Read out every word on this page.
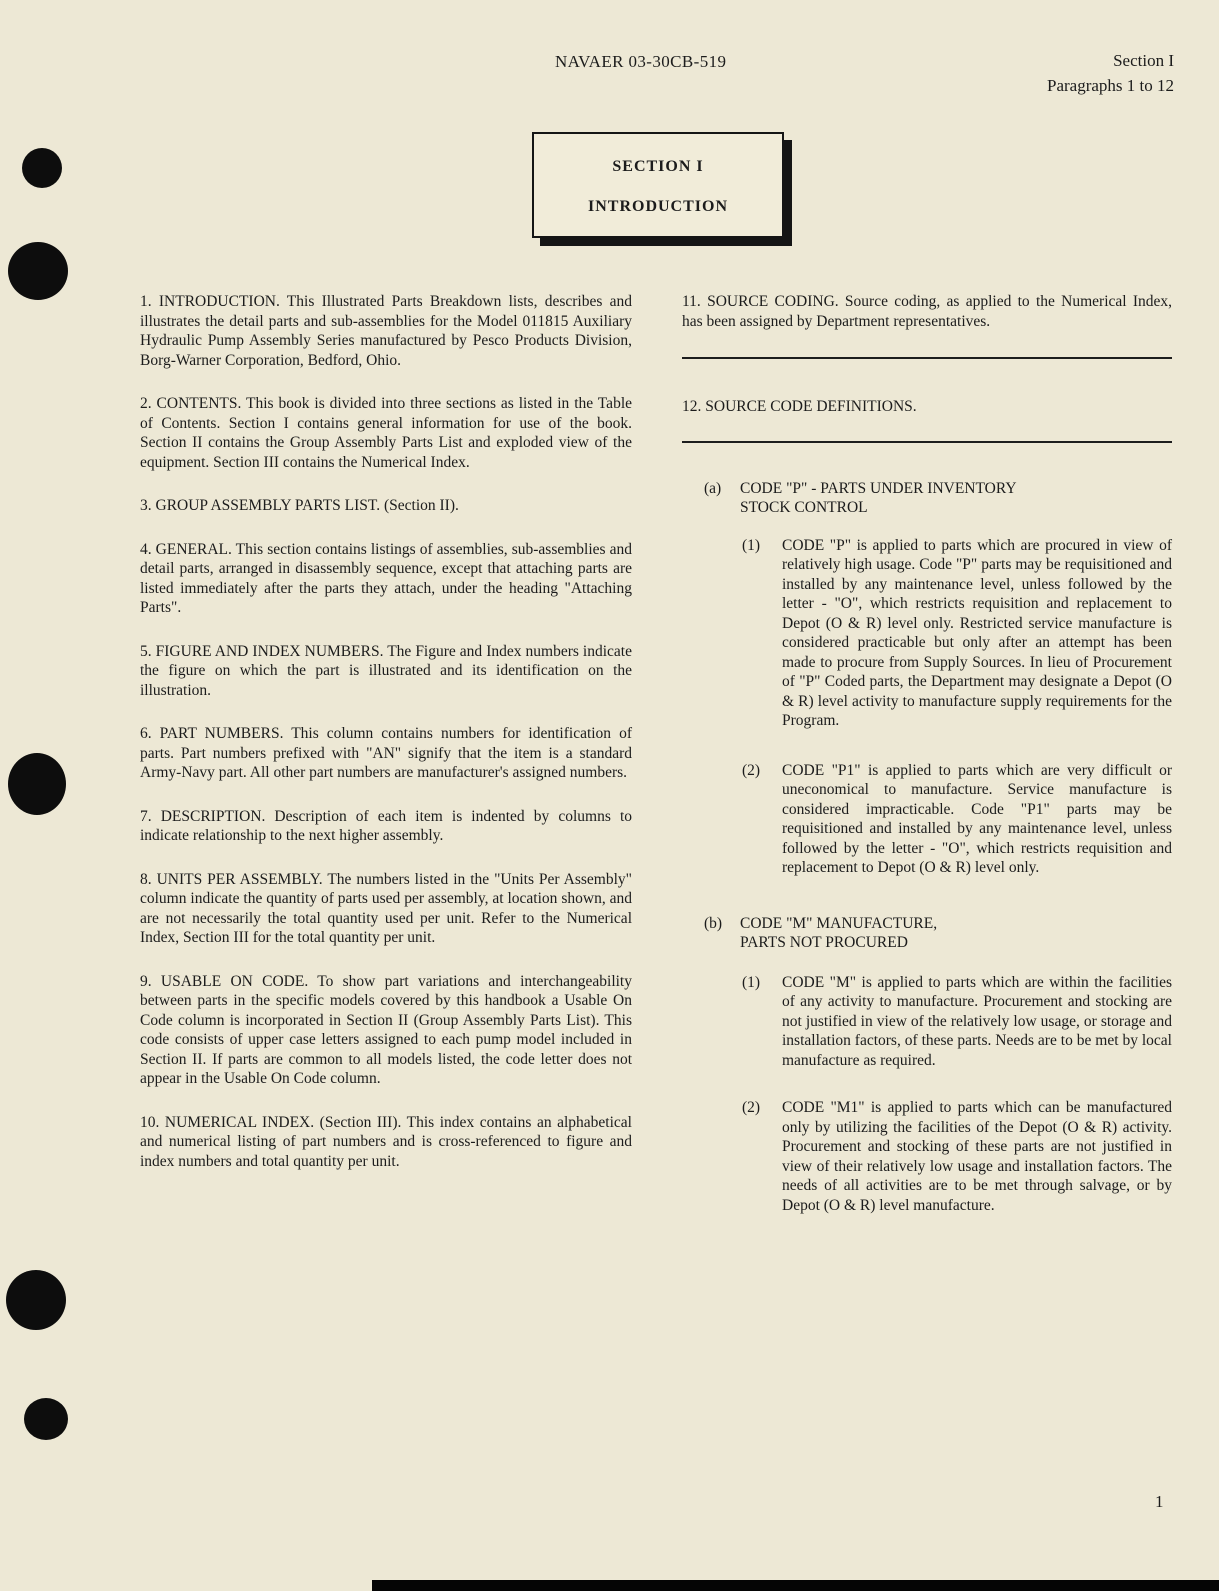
NAVAER 03-30CB-519	Section I
Paragraphs 1 to 12
SECTION I
INTRODUCTION

1. INTRODUCTION. This Illustrated Parts Breakdown lists, describes and illustrates the detail parts and sub-assemblies for the Model 011815 Auxiliary Hydraulic Pump Assembly Series manufactured by Pesco Products Division, Borg-Warner Corporation, Bedford, Ohio.

2. CONTENTS. This book is divided into three sections as listed in the Table of Contents. Section I contains general information for use of the book. Section II contains the Group Assembly Parts List and exploded view of the equipment. Section III contains the Numerical Index.

3. GROUP ASSEMBLY PARTS LIST. (Section II).

4. GENERAL. This section contains listings of assemblies, sub-assemblies and detail parts, arranged in disassembly sequence, except that attaching parts are listed immediately after the parts they attach, under the heading "Attaching Parts".

5. FIGURE AND INDEX NUMBERS. The Figure and Index numbers indicate the figure on which the part is illustrated and its identification on the illustration.

6. PART NUMBERS. This column contains numbers for identification of parts. Part numbers prefixed with "AN" signify that the item is a standard Army-Navy part. All other part numbers are manufacturer's assigned numbers.

7. DESCRIPTION. Description of each item is indented by columns to indicate relationship to the next higher assembly.

8. UNITS PER ASSEMBLY. The numbers listed in the "Units Per Assembly" column indicate the quantity of parts used per assembly, at location shown, and are not necessarily the total quantity used per unit. Refer to the Numerical Index, Section III for the total quantity per unit.

9. USABLE ON CODE. To show part variations and interchangeability between parts in the specific models covered by this handbook a Usable On Code column is incorporated in Section II (Group Assembly Parts List). This code consists of upper case letters assigned to each pump model included in Section II. If parts are common to all models listed, the code letter does not appear in the Usable On Code column.

10. NUMERICAL INDEX. (Section III). This index contains an alphabetical and numerical listing of part numbers and is cross-referenced to figure and index numbers and total quantity per unit.

11. SOURCE CODING. Source coding, as applied to the Numerical Index, has been assigned by Department representatives.

12. SOURCE CODE DEFINITIONS.

(a) CODE "P" - PARTS UNDER INVENTORY
STOCK CONTROL
(1) CODE "P" is applied to parts which are procured in view of relatively high usage. Code "P" parts may be requisitioned and installed by any maintenance level, unless followed by the letter - "O", which restricts requisition and replacement to Depot (O & R) level only. Restricted service manufacture is considered practicable but only after an attempt has been made to procure from Supply Sources. In lieu of Procurement of "P" Coded parts, the Department may designate a Depot (O & R) level activity to manufacture supply requirements for the Program.
(2) CODE "P1" is applied to parts which are very difficult or uneconomical to manufacture. Service manufacture is considered impracticable. Code "P1" parts may be requisitioned and installed by any maintenance level, unless followed by the letter - "O", which restricts requisition and replacement to Depot (O & R) level only.
(b) CODE "M" MANUFACTURE,
PARTS NOT PROCURED
(1) CODE "M" is applied to parts which are within the facilities of any activity to manufacture. Procurement and stocking are not justified in view of the relatively low usage, or storage and installation factors, of these parts. Needs are to be met by local manufacture as required.
(2) CODE "M1" is applied to parts which can be manufactured only by utilizing the facilities of the Depot (O & R) activity. Procurement and stocking of these parts are not justified in view of their relatively low usage and installation factors. The needs of all activities are to be met through salvage, or by Depot (O & R) level manufacture.
1
